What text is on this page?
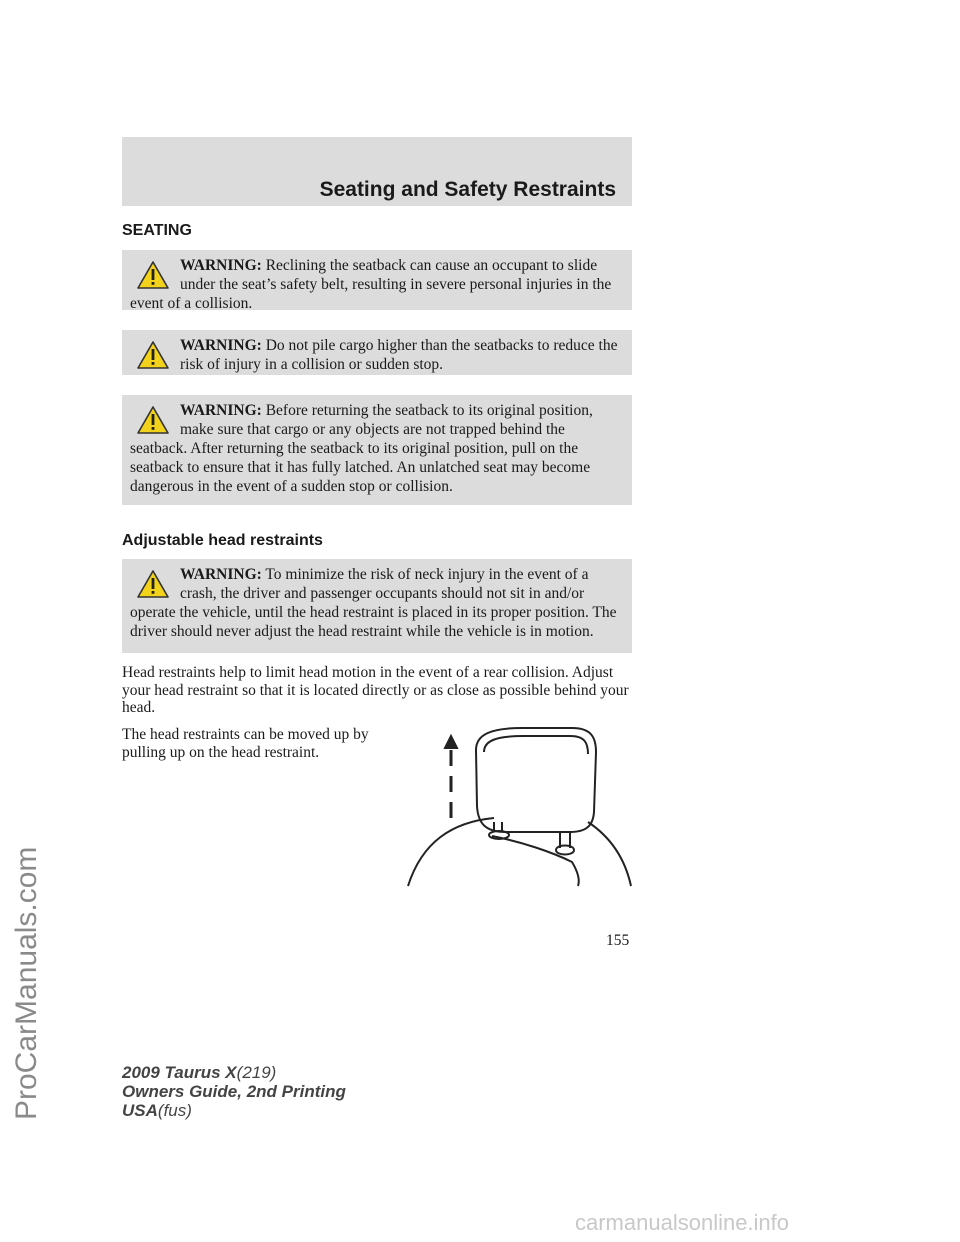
Seating and Safety Restraints
SEATING
WARNING: Reclining the seatback can cause an occupant to slide under the seat’s safety belt, resulting in severe personal injuries in the event of a collision.
WARNING: Do not pile cargo higher than the seatbacks to reduce the risk of injury in a collision or sudden stop.
WARNING: Before returning the seatback to its original position, make sure that cargo or any objects are not trapped behind the seatback. After returning the seatback to its original position, pull on the seatback to ensure that it has fully latched. An unlatched seat may become dangerous in the event of a sudden stop or collision.
Adjustable head restraints
WARNING: To minimize the risk of neck injury in the event of a crash, the driver and passenger occupants should not sit in and/or operate the vehicle, until the head restraint is placed in its proper position. The driver should never adjust the head restraint while the vehicle is in motion.
Head restraints help to limit head motion in the event of a rear collision. Adjust your head restraint so that it is located directly or as close as possible behind your head.
The head restraints can be moved up by pulling up on the head restraint.
155
2009 Taurus X(219)
Owners Guide, 2nd Printing
USA(fus)
ProCarManuals.com
carmanualsonline.info
